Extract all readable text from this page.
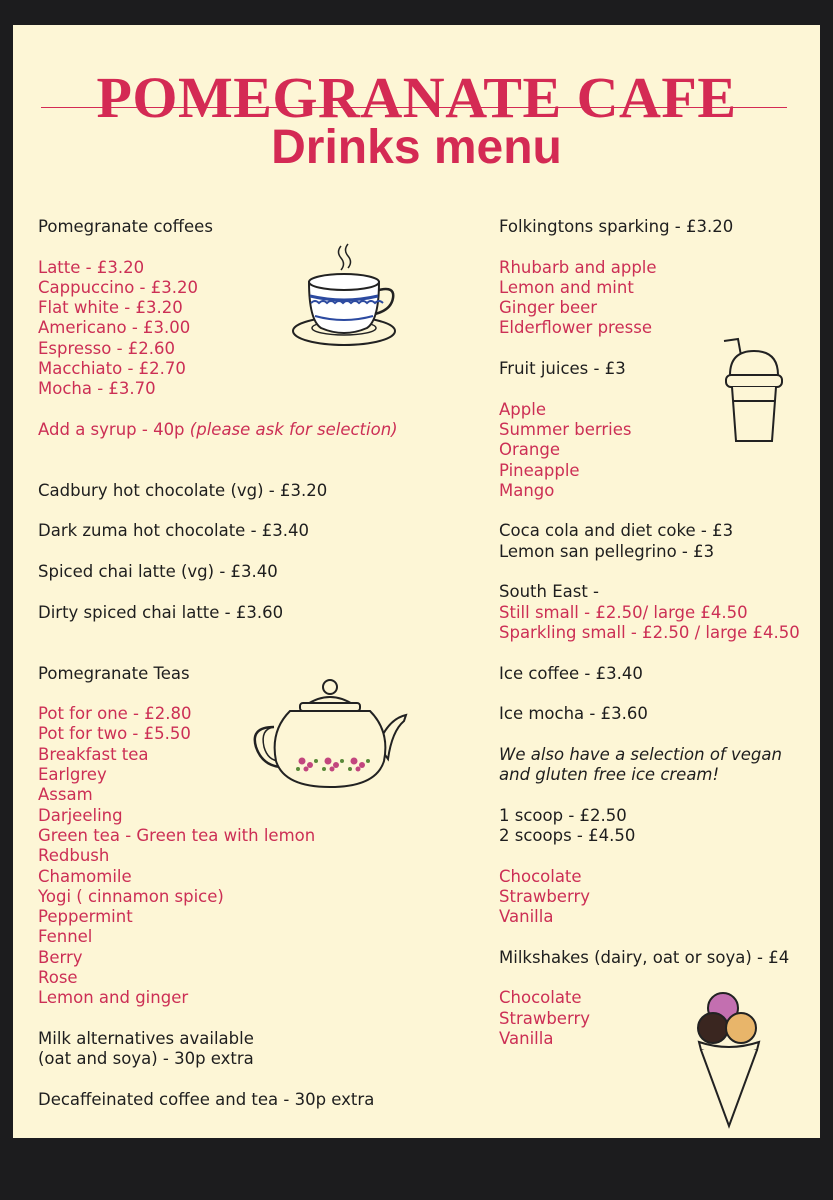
POMEGRANATE CAFE
Drinks menu

Pomegranate coffees

Latte - £3.20

Cappuccino - £3.20

Flat white - £3.20

Americano - £3.00

Espresso - £2.60

Macchiato - £2.70

Mocha - £3.70

Add a syrup - 40p (please ask for selection)

Cadbury hot chocolate (vg) - £3.20

Dark zuma hot chocolate - £3.40

Spiced chai latte (vg) - £3.40

Dirty spiced chai latte - £3.60

Pomegranate Teas

Pot for one - £2.80

Pot for two - £5.50

Breakfast tea

Earlgrey

Assam

Darjeeling

Green tea - Green tea with lemon

Redbush

Chamomile

Yogi ( cinnamon spice)

Peppermint

Fennel

Berry

Rose

Lemon and ginger

Milk alternatives available

(oat and soya) - 30p extra

Decaffeinated coffee and tea - 30p extra

Folkingtons sparking - £3.20

Rhubarb and apple

Lemon and mint

Ginger beer

Elderflower presse

Fruit juices - £3

Apple

Summer berries

Orange

Pineapple

Mango

Coca cola and diet coke - £3

Lemon san pellegrino - £3

South East -

Still small - £2.50/ large £4.50

Sparkling small - £2.50 / large £4.50

Ice coffee - £3.40

Ice mocha - £3.60

We also have a selection of vegan

and gluten free ice cream!

1 scoop - £2.50

2 scoops - £4.50

Chocolate

Strawberry

Vanilla

Milkshakes (dairy, oat or soya) - £4

Chocolate

Strawberry

Vanilla
